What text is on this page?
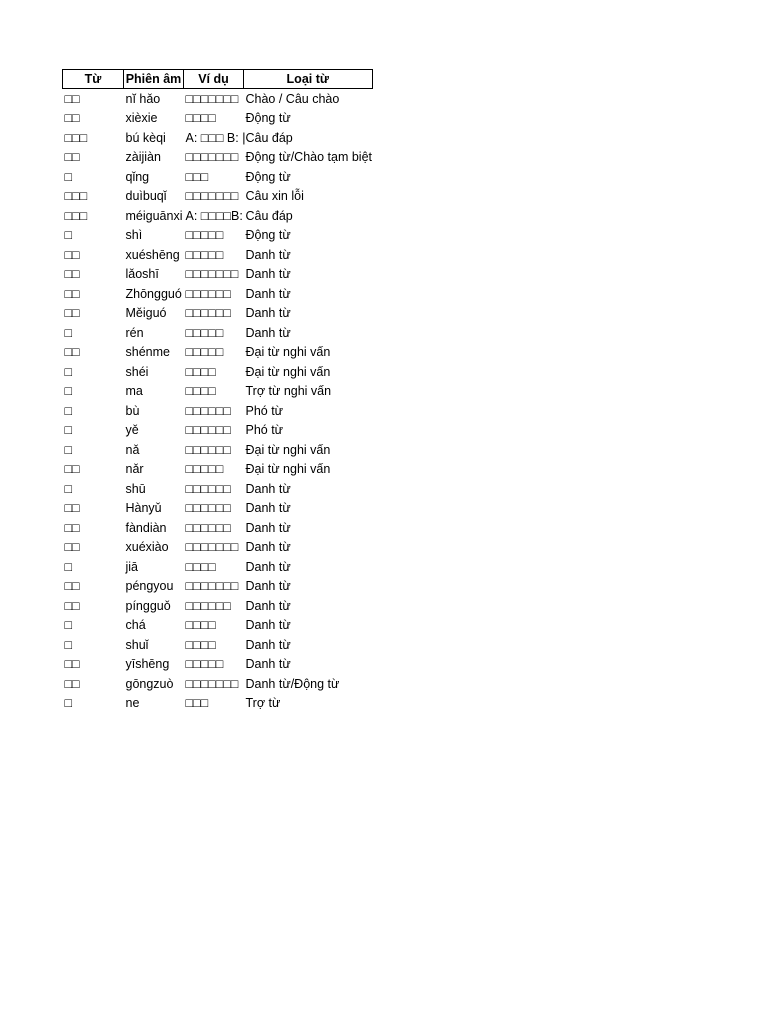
Từ	Phiên âm	Ví dụ	Loại từ
□□	nĭ hǎo	□□□□□□□	Chào / Câu chào
□□	xièxie	□□□□	Động từ
□□□	bú kèqi	A: □□□ B: |	Câu đáp
□□	zàijiàn	□□□□□□□	Động từ/Chào tạm biệt
□	qǐng	□□□	Động từ
□□□	duìbuqǐ	□□□□□□□	Câu xin lỗi
□□□	méiguānxi	A: □□□□B:	Câu đáp
□	shì	□□□□□	Động từ
□□	xuéshēng	□□□□□	Danh từ
□□	lǎoshī	□□□□□□□	Danh từ
□□	Zhōngguó	□□□□□□	Danh từ
□□	Měiguó	□□□□□□	Danh từ
□	rén	□□□□□	Danh từ
□□	shénme	□□□□□	Đại từ nghi vấn
□	shéi	□□□□	Đại từ nghi vấn
□	ma	□□□□	Trợ từ nghi vấn
□	bù	□□□□□□	Phó từ
□	yě	□□□□□□	Phó từ
□	nǎ	□□□□□□	Đại từ nghi vấn
□□	nǎr	□□□□□	Đại từ nghi vấn
□	shū	□□□□□□	Danh từ
□□	Hànyǔ	□□□□□□	Danh từ
□□	fàndiàn	□□□□□□	Danh từ
□□	xuéxiào	□□□□□□□	Danh từ
□	jiā	□□□□	Danh từ
□□	péngyou	□□□□□□□	Danh từ
□□	píngguǒ	□□□□□□	Danh từ
□	chá	□□□□	Danh từ
□	shuǐ	□□□□	Danh từ
□□	yīshēng	□□□□□	Danh từ
□□	gōngzuò	□□□□□□□	Danh từ/Động từ
□	ne	□□□	Trợ từ
